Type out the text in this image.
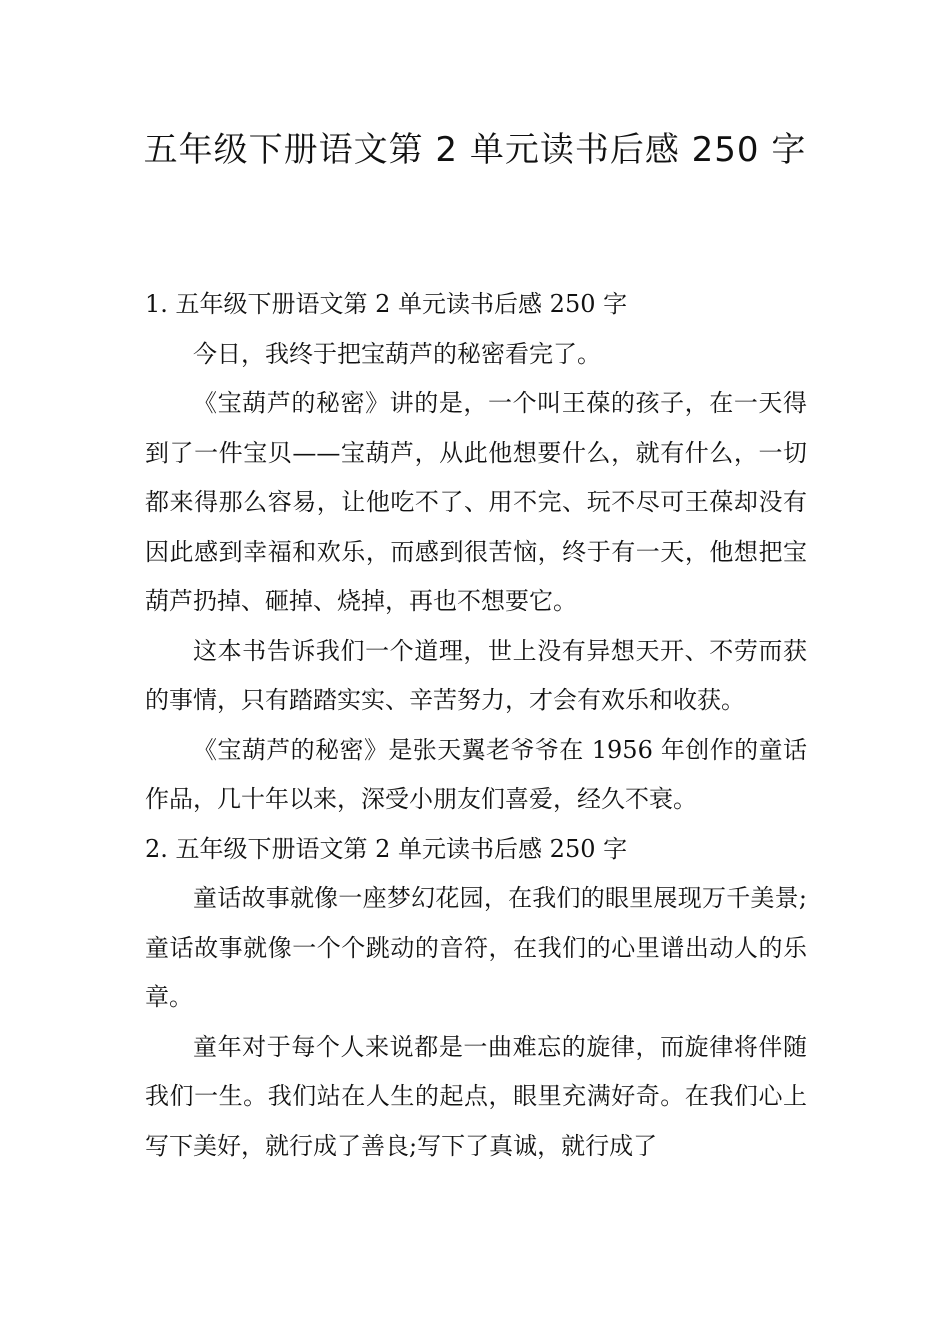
五年级下册语文第 2 单元读书后感 250 字

1. 五年级下册语文第 2 单元读书后感 250 字

今日，我终于把宝葫芦的秘密看完了。

《宝葫芦的秘密》讲的是，一个叫王葆的孩子，在一天得到了一件宝贝——宝葫芦，从此他想要什么，就有什么，一切都来得那么容易，让他吃不了、用不完、玩不尽可王葆却没有因此感到幸福和欢乐，而感到很苦恼，终于有一天，他想把宝葫芦扔掉、砸掉、烧掉，再也不想要它。

这本书告诉我们一个道理，世上没有异想天开、不劳而获的事情，只有踏踏实实、辛苦努力，才会有欢乐和收获。

《宝葫芦的秘密》是张天翼老爷爷在 1956 年创作的童话作品，几十年以来，深受小朋友们喜爱，经久不衰。

2. 五年级下册语文第 2 单元读书后感 250 字

童话故事就像一座梦幻花园，在我们的眼里展现万千美景;童话故事就像一个个跳动的音符，在我们的心里谱出动人的乐章。

童年对于每个人来说都是一曲难忘的旋律，而旋律将伴随我们一生。我们站在人生的起点，眼里充满好奇。在我们心上写下美好，就行成了善良;写下了真诚，就行成了
